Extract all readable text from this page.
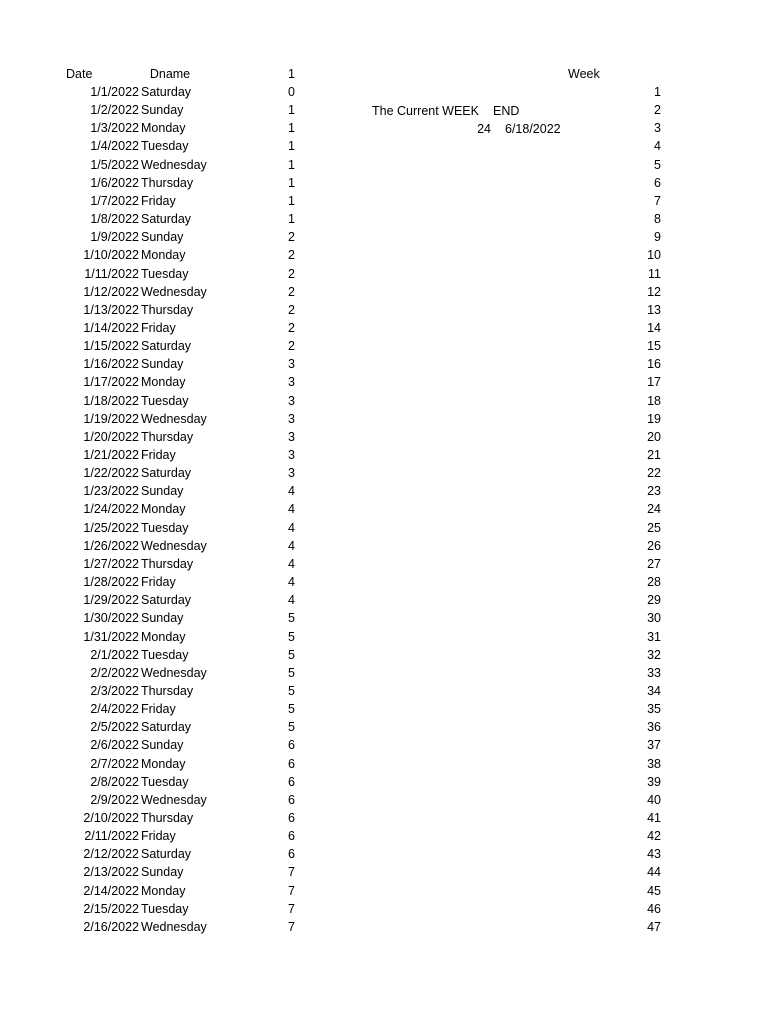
Date	Dname	1	Week
The Current WEEK END
24 6/18/2022
1/1/2022 Saturday	0	1
1/2/2022 Sunday	1	2
1/3/2022 Monday	1	3
1/4/2022 Tuesday	1	4
1/5/2022 Wednesday	1	5
1/6/2022 Thursday	1	6
1/7/2022 Friday	1	7
1/8/2022 Saturday	1	8
1/9/2022 Sunday	2	9
1/10/2022 Monday	2	10
1/11/2022 Tuesday	2	11
1/12/2022 Wednesday	2	12
1/13/2022 Thursday	2	13
1/14/2022 Friday	2	14
1/15/2022 Saturday	2	15
1/16/2022 Sunday	3	16
1/17/2022 Monday	3	17
1/18/2022 Tuesday	3	18
1/19/2022 Wednesday	3	19
1/20/2022 Thursday	3	20
1/21/2022 Friday	3	21
1/22/2022 Saturday	3	22
1/23/2022 Sunday	4	23
1/24/2022 Monday	4	24
1/25/2022 Tuesday	4	25
1/26/2022 Wednesday	4	26
1/27/2022 Thursday	4	27
1/28/2022 Friday	4	28
1/29/2022 Saturday	4	29
1/30/2022 Sunday	5	30
1/31/2022 Monday	5	31
2/1/2022 Tuesday	5	32
2/2/2022 Wednesday	5	33
2/3/2022 Thursday	5	34
2/4/2022 Friday	5	35
2/5/2022 Saturday	5	36
2/6/2022 Sunday	6	37
2/7/2022 Monday	6	38
2/8/2022 Tuesday	6	39
2/9/2022 Wednesday	6	40
2/10/2022 Thursday	6	41
2/11/2022 Friday	6	42
2/12/2022 Saturday	6	43
2/13/2022 Sunday	7	44
2/14/2022 Monday	7	45
2/15/2022 Tuesday	7	46
2/16/2022 Wednesday	7	47
